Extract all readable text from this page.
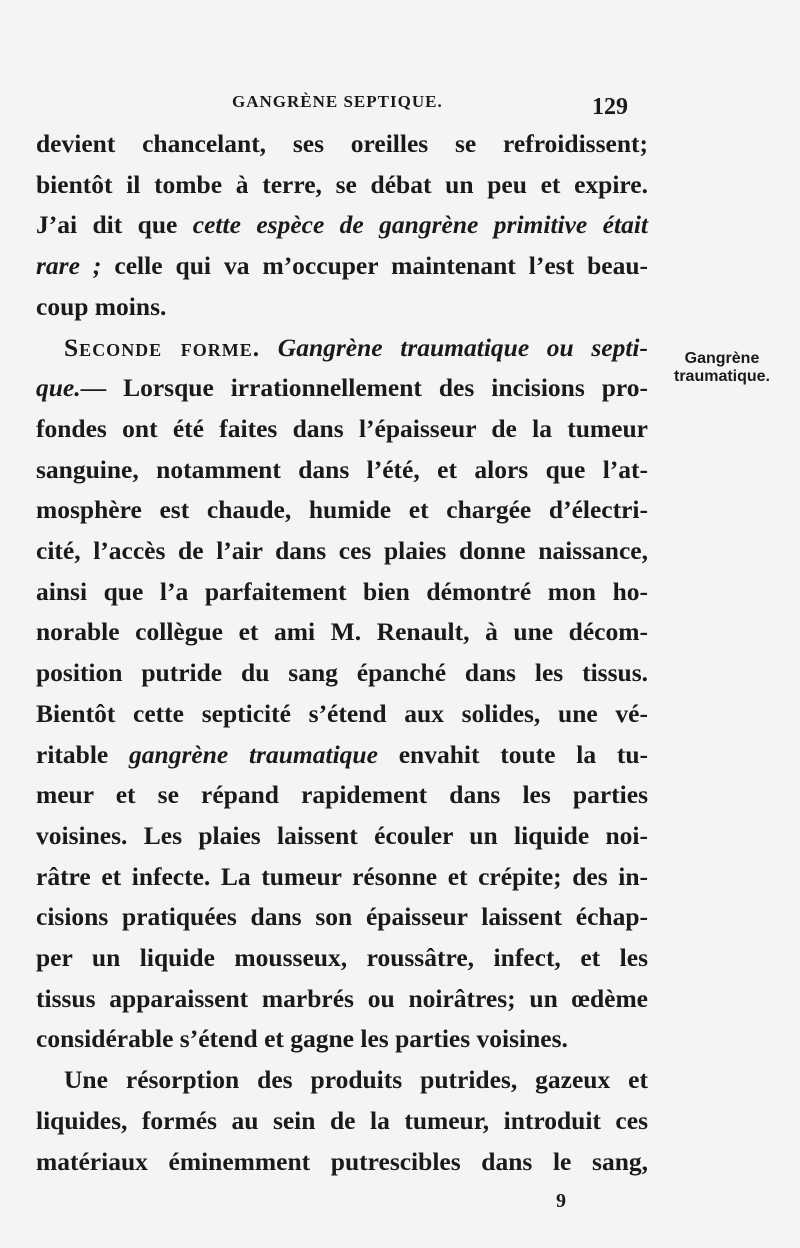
GANGRÈNE SEPTIQUE.	129
devient chancelant, ses oreilles se refroidissent;
bientôt il tombe à terre, se débat un peu et expire.
J’ai dit que cette espèce de gangrène primitive était
rare ; celle qui va m’occuper maintenant l’est beau-
coup moins.
Seconde forme. Gangrène traumatique ou septi-
que.— Lorsque irrationnellement des incisions pro-
fondes ont été faites dans l’épaisseur de la tumeur
sanguine, notamment dans l’été, et alors que l’at-
mosphère est chaude, humide et chargée d’électri-
cité, l’accès de l’air dans ces plaies donne naissance,
ainsi que l’a parfaitement bien démontré mon ho-
norable collègue et ami M. Renault, à une décom-
position putride du sang épanché dans les tissus.
Bientôt cette septicité s’étend aux solides, une vé-
ritable gangrène traumatique envahit toute la tu-
meur et se répand rapidement dans les parties
voisines. Les plaies laissent écouler un liquide noi-
râtre et infecte. La tumeur résonne et crépite; des in-
cisions pratiquées dans son épaisseur laissent échap-
per un liquide mousseux, roussâtre, infect, et les
tissus apparaissent marbrés ou noirâtres; un œdème
considérable s’étend et gagne les parties voisines.
Une résorption des produits putrides, gazeux et
liquides, formés au sein de la tumeur, introduit ces
matériaux éminemment putrescibles dans le sang,
Gangrène
traumatique.
9
